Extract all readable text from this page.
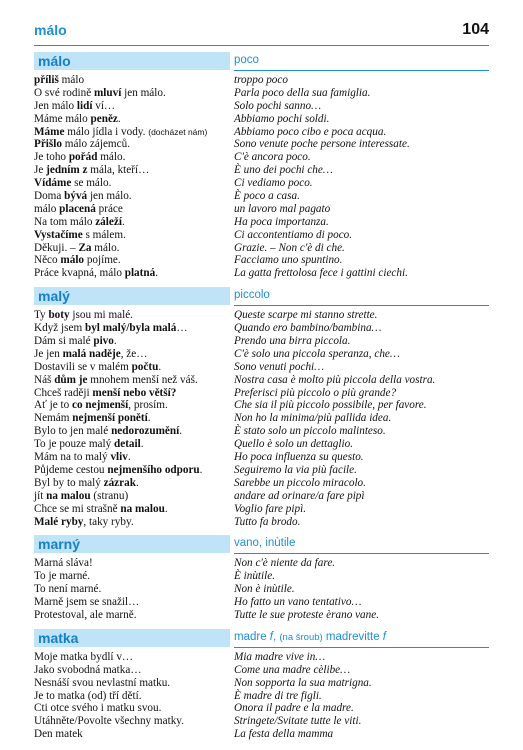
málo	104
málo	poco
příliš málo	troppo poco
O své rodině mluví jen málo.	Parla poco della sua famiglia.
Jen málo lidí ví…	Solo pochi sanno…
Máme málo peněz.	Abbiamo pochi soldi.
Máme málo jídla i vody. (docházet nám)	Abbiamo poco cibo e poca acqua.
Přišlo málo zájemců.	Sono venute poche persone interessate.
Je toho pořád málo.	C'è ancora poco.
Je jedním z mála, kteří…	È uno dei pochi che…
Vídáme se málo.	Ci vediamo poco.
Doma bývá jen málo.	È poco a casa.
málo placená práce	un lavoro mal pagato
Na tom málo záleží.	Ha poca importanza.
Vystačíme s málem.	Ci accontentiamo di poco.
Děkuji. – Za málo.	Grazie. – Non c'è di che.
Něco málo pojíme.	Facciamo uno spuntino.
Práce kvapná, málo platná.	La gatta frettolosa fece i gattini ciechi.
malý	piccolo
Ty boty jsou mi malé.	Queste scarpe mi stanno strette.
Když jsem byl malý/byla malá…	Quando ero bambino/bambina…
Dám si malé pivo.	Prendo una birra piccola.
Je jen malá naděje, že…	C'è solo una piccola speranza, che…
Dostavili se v malém počtu.	Sono venuti pochi…
Náš dům je mnohem menší než váš.	Nostra casa è molto più piccola della vostra.
Chceš raději menší nebo větší?	Preferisci più piccolo o più grande?
Ať je to co nejmenší, prosím.	Che sia il più piccolo possibile, per favore.
Nemám nejmenší ponětí.	Non ho la minima/più pallida idea.
Bylo to jen malé nedorozumění.	È stato solo un piccolo malinteso.
To je pouze malý detail.	Quello è solo un dettaglio.
Mám na to malý vliv.	Ho poca influenza su questo.
Půjdeme cestou nejmenšího odporu.	Seguiremo la via più facile.
Byl by to malý zázrak.	Sarebbe un piccolo miracolo.
jít na malou (stranu)	andare ad orinare/a fare pipì
Chce se mi strašně na malou.	Voglio fare pipì.
Malé ryby, taky ryby.	Tutto fa brodo.
marný	vano, inùtile
Marná sláva!	Non c'è niente da fare.
To je marné.	È inùtile.
To není marné.	Non è inùtile.
Marně jsem se snažil…	Ho fatto un vano tentativo…
Protestoval, ale marně.	Tutte le sue proteste èrano vane.
matka	madre f, (na šroub) madrevitte f
Moje matka bydlí v…	Mia madre vive in…
Jako svobodná matka…	Come una madre cèlibe…
Nesnáší svou nevlastní matku.	Non sopporta la sua matrigna.
Je to matka (od) tří dětí.	È madre di tre figli.
Cti otce svého i matku svou.	Onora il padre e la madre.
Utáhněte/Povolte všechny matky.	Stringete/Svitate tutte le viti.
Den matek	La festa della mamma
